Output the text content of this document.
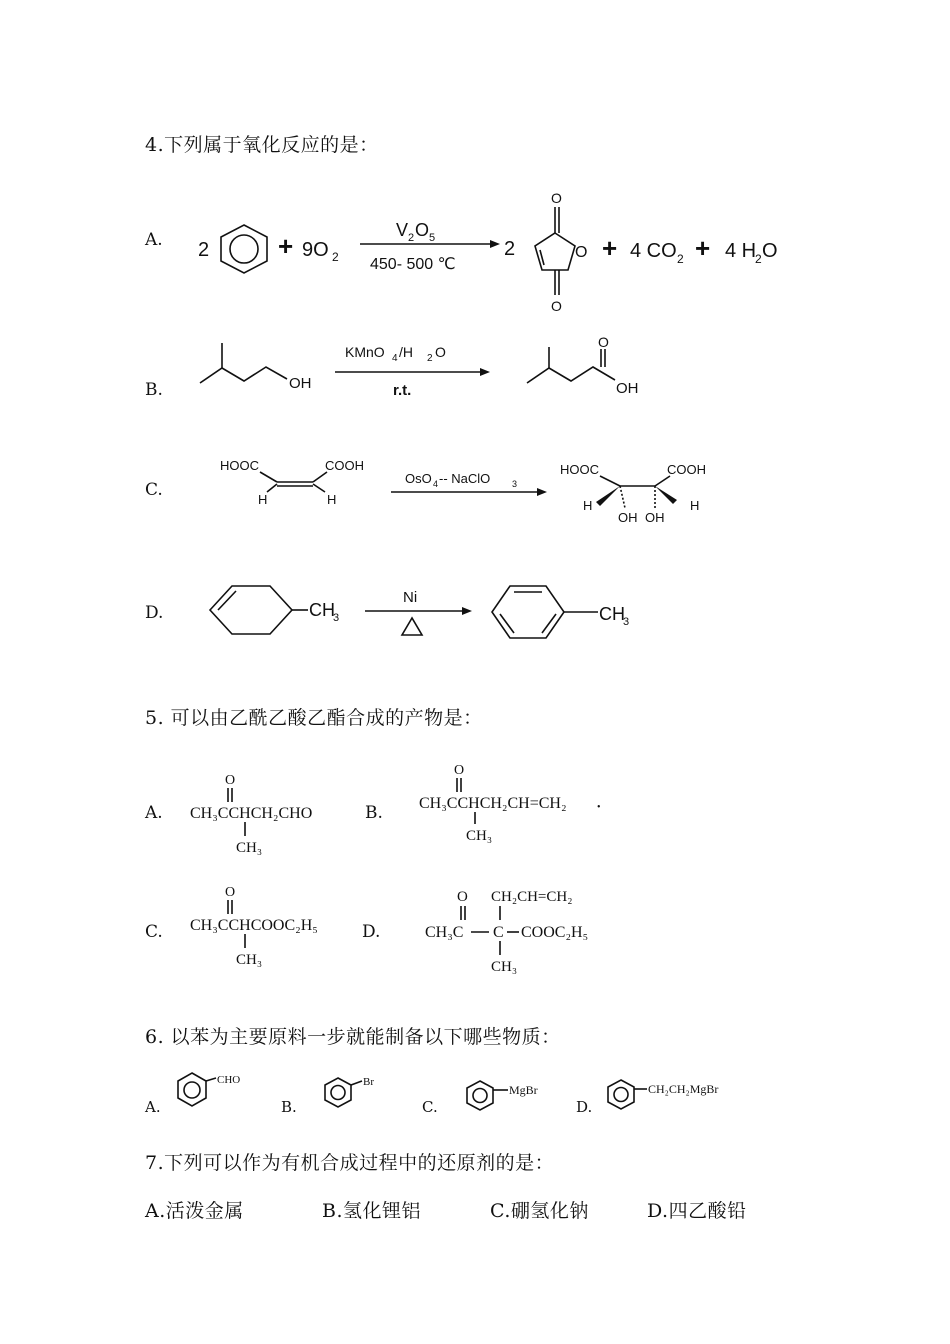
4.下列属于氧化反应的是：
A. 2	+ 9O 2
V 2 O 5
450- 500 ℃
2
O
O
O + 4 CO 2 + 4 H
2 O
B.	OH
KMnO 4 /H 2 O
r.t.
O
OH
C.
HOOC	COOH
H	H
OsO 4 -- NaClO 3
HOOC	COOH
H	H
OH OH
D.	CH
3
Ni
CH
3
5. 可以由乙酰乙酸乙酯合成的产物是：
A.
O
CH₃CCHCH₂CHO
CH₃
B.
O
CH₃CCHCH₂CH=CH₂	•
CH₃
C.
O
CH₃CCHCOOC₂H₅
CH₃
D.
O CH₂CH=CH₂
CH₃C C COOC₂H₅
CH₃
6. 以苯为主要原料一步就能制备以下哪些物质：
A.
CHO
B.
Br
C.
MgBr
D.
CH₂CH₂MgBr
7.下列可以作为有机合成过程中的还原剂的是：
A.活泼金属	B.氢化锂铝	C.硼氢化钠	D.四乙酸铅
